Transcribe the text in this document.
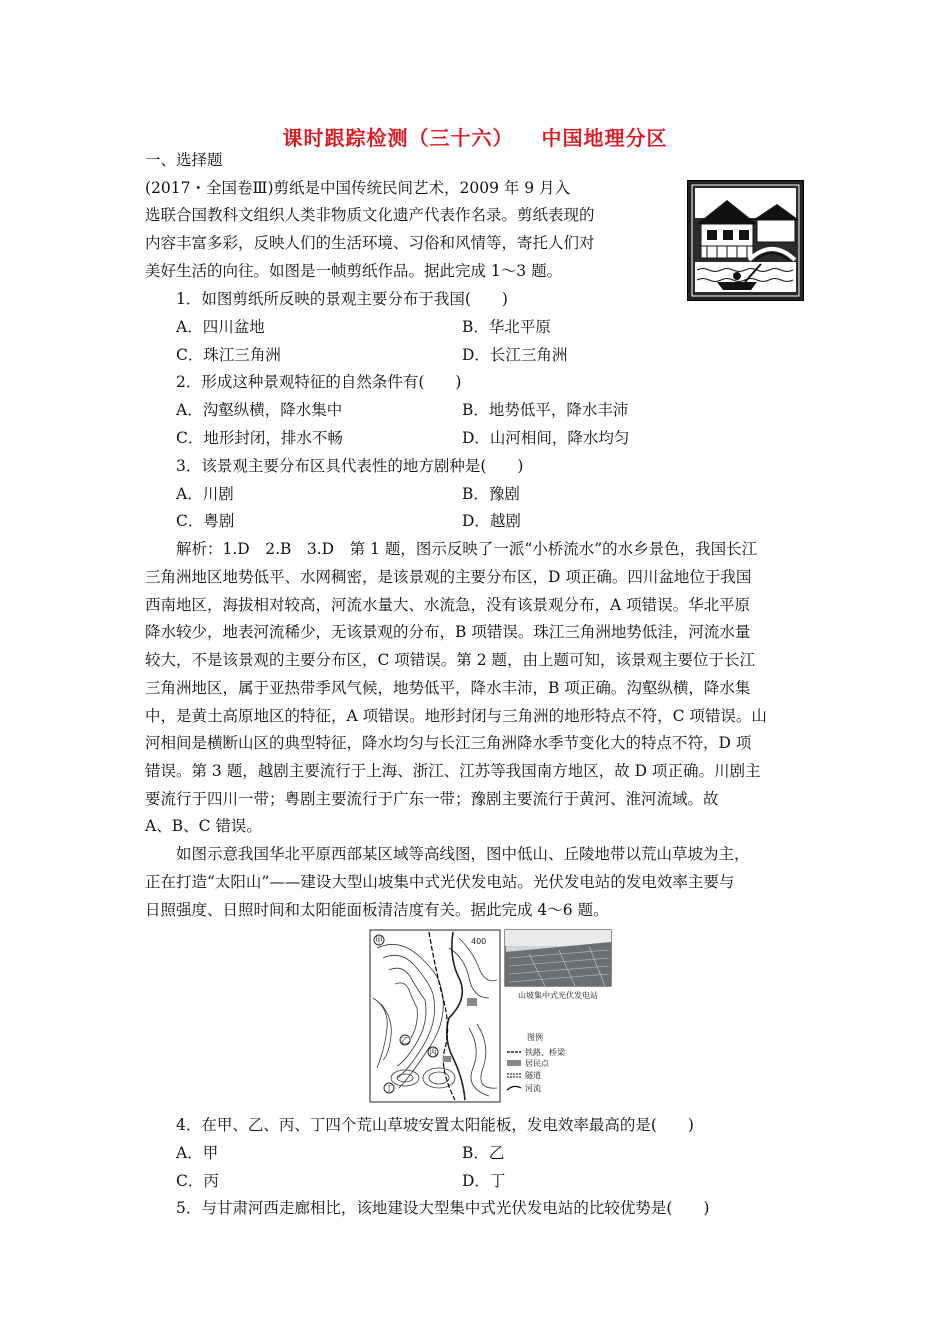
课时跟踪检测（三十六） 中国地理分区
一、选择题
(2017・全国卷Ⅲ)剪纸是中国传统民间艺术，2009 年 9 月入
选联合国教科文组织人类非物质文化遗产代表作名录。剪纸表现的
内容丰富多彩，反映人们的生活环境、习俗和风情等，寄托人们对
美好生活的向往。如图是一帧剪纸作品。据此完成 1～3 题。
1．如图剪纸所反映的景观主要分布于我国(　　)
A．四川盆地	B．华北平原
C．珠江三角洲	D．长江三角洲
2．形成这种景观特征的自然条件有(　　)
A．沟壑纵横，降水集中	B．地势低平，降水丰沛
C．地形封闭，排水不畅	D．山河相间，降水均匀
3．该景观主要分布区具代表性的地方剧种是(　　)
A．川剧	B．豫剧
C．粤剧	D．越剧
解析：1.D　2.B　3.D　第 1 题，图示反映了一派“小桥流水”的水乡景色，我国长江
三角洲地区地势低平、水网稠密，是该景观的主要分布区，D 项正确。四川盆地位于我国
西南地区，海拔相对较高，河流水量大、水流急，没有该景观分布，A 项错误。华北平原
降水较少，地表河流稀少，无该景观的分布，B 项错误。珠江三角洲地势低洼，河流水量
较大，不是该景观的主要分布区，C 项错误。第 2 题，由上题可知，该景观主要位于长江
三角洲地区，属于亚热带季风气候，地势低平，降水丰沛，B 项正确。沟壑纵横，降水集
中，是黄土高原地区的特征，A 项错误。地形封闭与三角洲的地形特点不符，C 项错误。山
河相间是横断山区的典型特征，降水均匀与长江三角洲降水季节变化大的特点不符，D 项
错误。第 3 题，越剧主要流行于上海、浙江、江苏等我国南方地区，故 D 项正确。川剧主
要流行于四川一带；粤剧主要流行于广东一带；豫剧主要流行于黄河、淮河流域。故
A、B、C 错误。
如图示意我国华北平原西部某区域等高线图，图中低山、丘陵地带以荒山草坡为主，
正在打造“太阳山”——建设大型山坡集中式光伏发电站。光伏发电站的发电效率主要与
日照强度、日照时间和太阳能面板清洁度有关。据此完成 4～6 题。
400
甲
乙
丙
丁
山坡集中式光伏发电站
图例
铁路、桥梁
居民点
隧道
河流
4．在甲、乙、丙、丁四个荒山草坡安置太阳能板，发电效率最高的是(　　)
A．甲	B．乙
C．丙	D．丁
5．与甘肃河西走廊相比，该地建设大型集中式光伏发电站的比较优势是(　　)
